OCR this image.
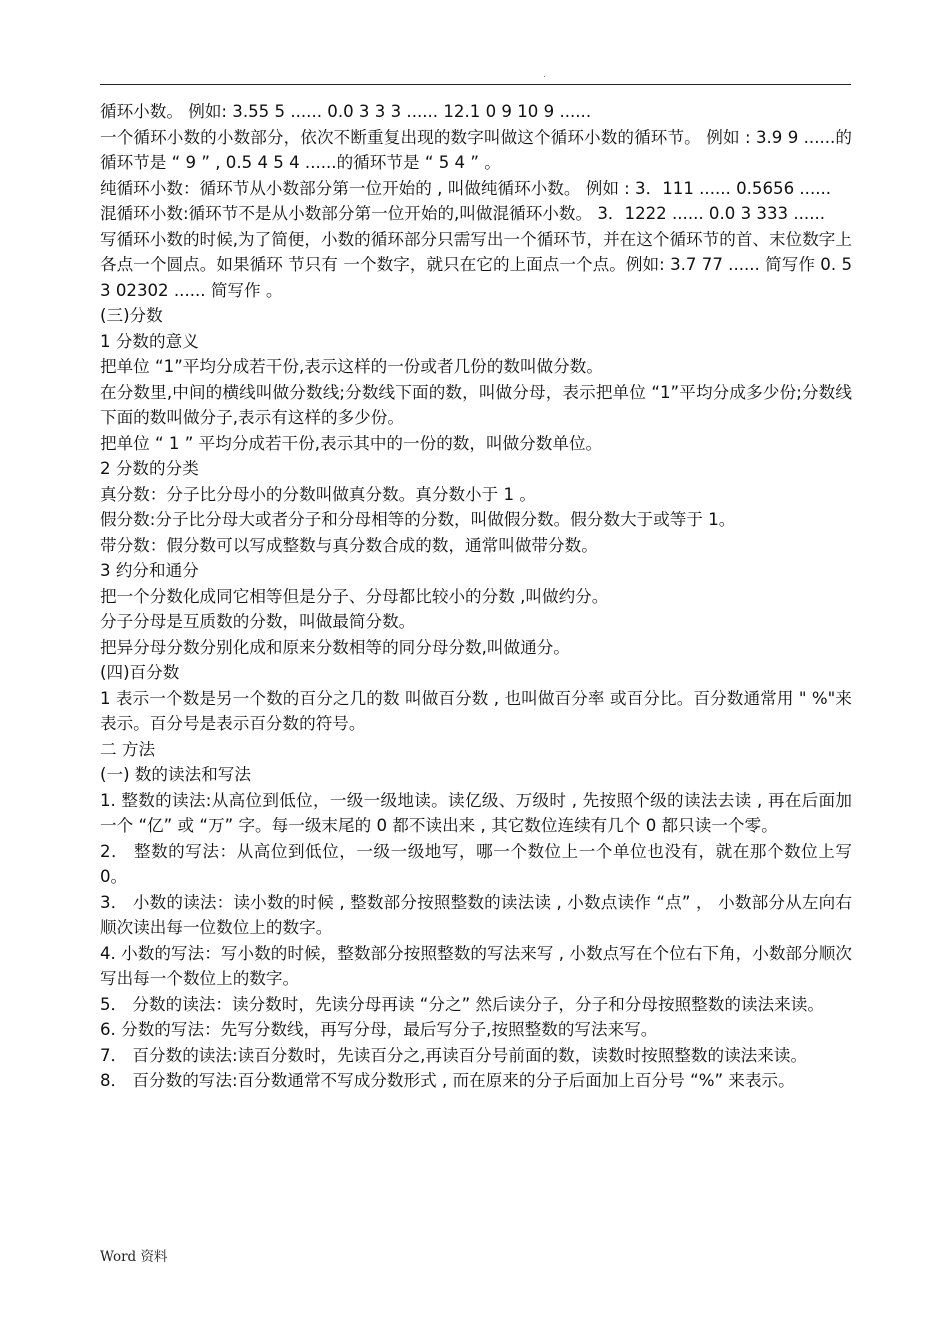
.

循环小数。 例如: 3.55 5 ...... 0.0 3 3 3 ...... 12.1 0 9 10 9 ......

一个循环小数的小数部分，依次不断重复出现的数字叫做这个循环小数的循环节。 例如 : 3.9 9 ......的循环节是 “ 9 ” , 0.5 4 5 4 ......的循环节是 “ 5 4 ” 。

纯循环小数：循环节从小数部分第一位开始的 , 叫做纯循环小数。 例如 : 3．111 ...... 0.5656 ......

混循环小数:循环节不是从小数部分第一位开始的,叫做混循环小数。 3．1222 ...... 0.0 3 333 ......

写循环小数的时候,为了简便，小数的循环部分只需写出一个循环节，并在这个循环节的首、末位数字上各点一个圆点。如果循环 节只有 一个数字，就只在它的上面点一个点。例如: 3.7 77 ...... 简写作 0. 5 3 02302 ...... 简写作 。

(三)分数

1 分数的意义

把单位 “1”平均分成若干份,表示这样的一份或者几份的数叫做分数。

在分数里,中间的横线叫做分数线;分数线下面的数，叫做分母，表示把单位 “1”平均分成多少份;分数线下面的数叫做分子,表示有这样的多少份。

把单位 “ 1 ” 平均分成若干份,表示其中的一份的数，叫做分数单位。

2 分数的分类

真分数：分子比分母小的分数叫做真分数。真分数小于 1 。

假分数:分子比分母大或者分子和分母相等的分数，叫做假分数。假分数大于或等于 1。

带分数：假分数可以写成整数与真分数合成的数，通常叫做带分数。

3 约分和通分

把一个分数化成同它相等但是分子、分母都比较小的分数 ,叫做约分。

分子分母是互质数的分数，叫做最简分数。

把异分母分数分别化成和原来分数相等的同分母分数,叫做通分。

(四)百分数

1 表示一个数是另一个数的百分之几的数 叫做百分数 , 也叫做百分率 或百分比。百分数通常用 " %"来表示。百分号是表示百分数的符号。

二 方法

(一) 数的读法和写法

1. 整数的读法:从高位到低位，一级一级地读。读亿级、万级时 , 先按照个级的读法去读 , 再在后面加一个 “亿” 或 “万” 字。每一级末尾的 0 都不读出来 , 其它数位连续有几个 0 都只读一个零。

2． 整数的写法：从高位到低位，一级一级地写，哪一个数位上一个单位也没有，就在那个数位上写 0。

3． 小数的读法：读小数的时候 , 整数部分按照整数的读法读 , 小数点读作 “点” ， 小数部分从左向右顺次读出每一位数位上的数字。

4. 小数的写法：写小数的时候，整数部分按照整数的写法来写 , 小数点写在个位右下角，小数部分顺次写出每一个数位上的数字。

5． 分数的读法：读分数时，先读分母再读 “分之” 然后读分子，分子和分母按照整数的读法来读。

6. 分数的写法：先写分数线，再写分母，最后写分子,按照整数的写法来写。

7． 百分数的读法:读百分数时，先读百分之,再读百分号前面的数，读数时按照整数的读法来读。

8． 百分数的写法:百分数通常不写成分数形式 , 而在原来的分子后面加上百分号 “%” 来表示。

Word 资料
